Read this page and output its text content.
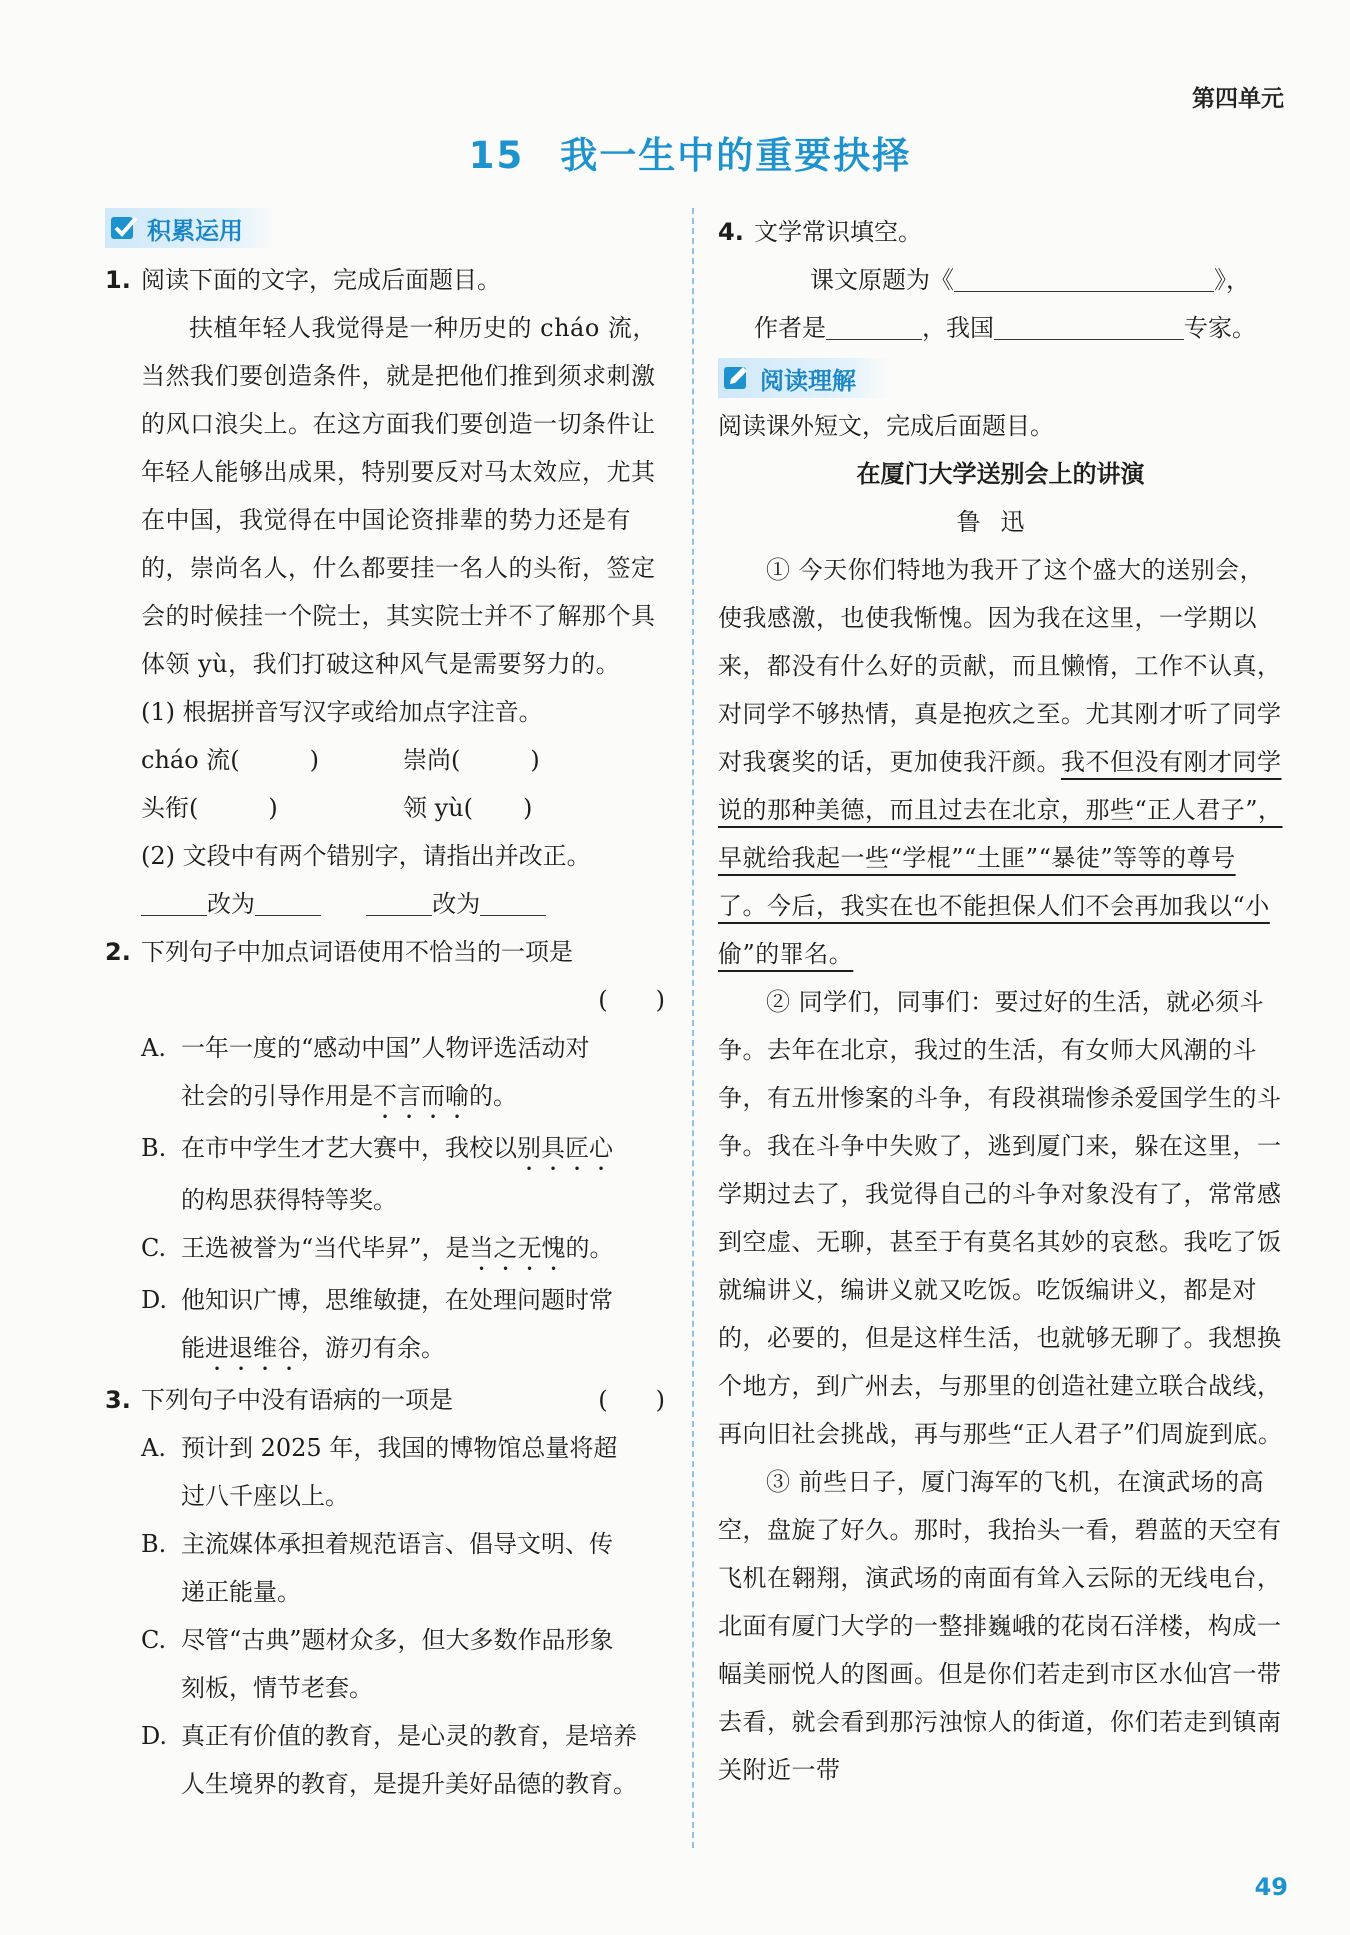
第四单元
15 我一生中的重要抉择
积累运用
1. 阅读下面的文字，完成后面题目。
扶植年轻人我觉得是一种历史的 cháo 流，当然我们要创造条件，就是把他们推到须求刺激的风口浪尖上。在这方面我们要创造一切条件让年轻人能够出成果，特别要反对马太效应，尤其在中国，我觉得在中国论资排辈的势力还是有的，崇尚名人，什么都要挂一名人的头衔，签定会的时候挂一个院士，其实院士并不了解那个具体领 yù，我们打破这种风气是需要努力的。
(1) 根据拼音写汉字或给加点字注音。
cháo 流(	)	崇尚(	)
头衔(	)	领 yù( )
(2) 文段中有两个错别字，请指出并改正。
改为	改为
2. 下列句子中加点词语使用不恰当的一项是
(　　)
A. 一年一度的“感动中国”人物评选活动对
社会的引导作用是不言而喻的。
B. 在市中学生才艺大赛中，我校以别具匠心
的构思获得特等奖。
C. 王选被誉为“当代毕昇”，是当之无愧的。
D. 他知识广博，思维敏捷，在处理问题时常
能进退维谷，游刃有余。
3. 下列句子中没有语病的一项是	(　　)
A. 预计到 2025 年，我国的博物馆总量将超
过八千座以上。
B. 主流媒体承担着规范语言、倡导文明、传
递正能量。
C. 尽管“古典”题材众多，但大多数作品形象
刻板，情节老套。
D. 真正有价值的教育，是心灵的教育，是培养
人生境界的教育，是提升美好品德的教育。
4. 文学常识填空。
课文原题为《	》，
作者是	，我国	专家。
阅读理解
阅读课外短文，完成后面题目。
在厦门大学送别会上的讲演
鲁迅
① 今天你们特地为我开了这个盛大的送别会，使我感激，也使我惭愧。因为我在这里，一学期以来，都没有什么好的贡献，而且懒惰，工作不认真，对同学不够热情，真是抱疚之至。尤其刚才听了同学对我褒奖的话，更加使我汗颜。我不但没有刚才同学说的那种美德，而且过去在北京，那些“正人君子”，早就给我起一些“学棍”“土匪”“暴徒”等等的尊号了。今后，我实在也不能担保人们不会再加我以“小偷”的罪名。
② 同学们，同事们：要过好的生活，就必须斗争。去年在北京，我过的生活，有女师大风潮的斗争，有五卅惨案的斗争，有段祺瑞惨杀爱国学生的斗争。我在斗争中失败了，逃到厦门来，躲在这里，一学期过去了，我觉得自己的斗争对象没有了，常常感到空虚、无聊，甚至于有莫名其妙的哀愁。我吃了饭就编讲义，编讲义就又吃饭。吃饭编讲义，都是对的，必要的，但是这样生活，也就够无聊了。我想换个地方，到广州去，与那里的创造社建立联合战线，再向旧社会挑战，再与那些“正人君子”们周旋到底。
③ 前些日子，厦门海军的飞机，在演武场的高空，盘旋了好久。那时，我抬头一看，碧蓝的天空有飞机在翱翔，演武场的南面有耸入云际的无线电台，北面有厦门大学的一整排巍峨的花岗石洋楼，构成一幅美丽悦人的图画。但是你们若走到市区水仙宫一带去看，就会看到那污浊惊人的街道，你们若走到镇南关附近一带
49
